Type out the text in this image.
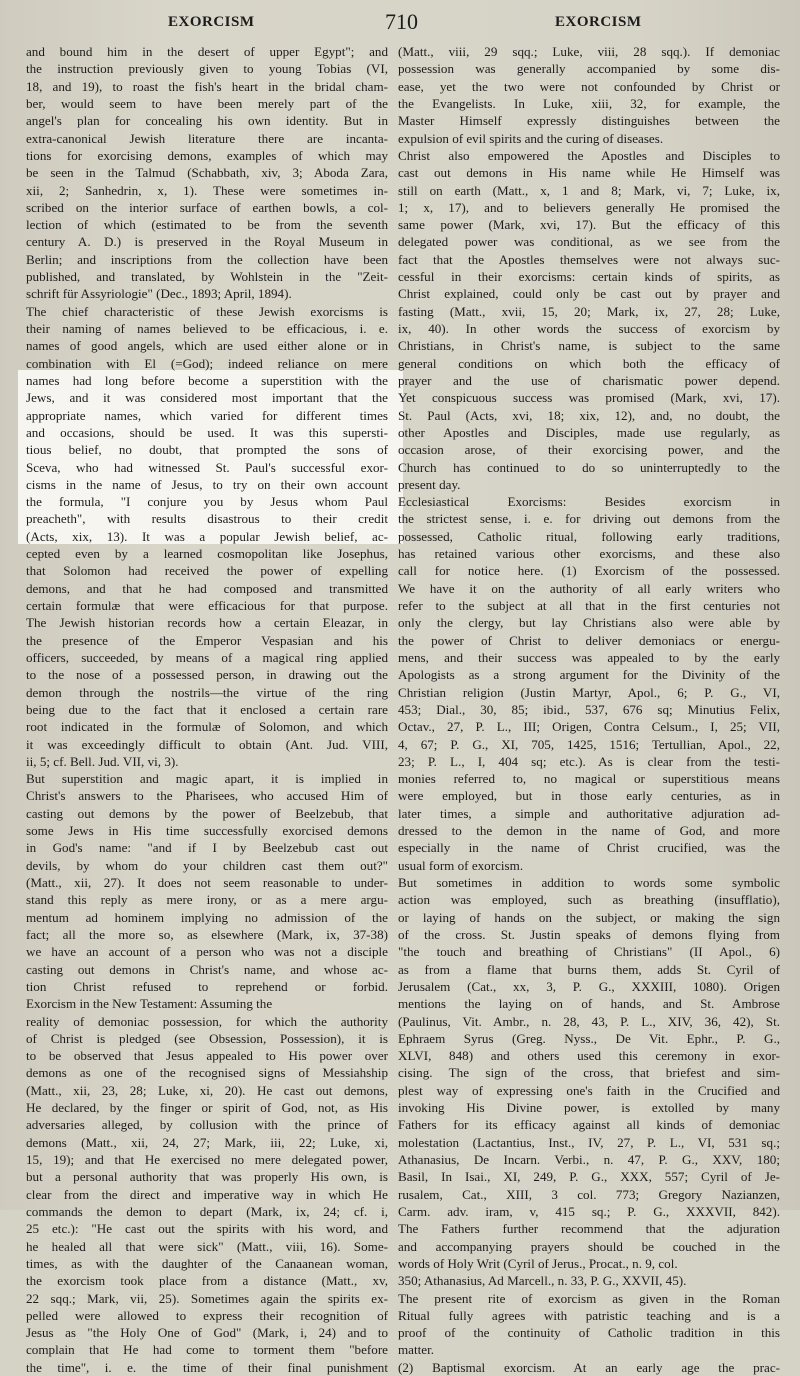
EXORCISM	710	EXORCISM
and bound him in the desert of upper Egypt"; and
the instruction previously given to young Tobias (VI,
18, and 19), to roast the fish's heart in the bridal cham-
ber, would seem to have been merely part of the
angel's plan for concealing his own identity. But in
extra-canonical Jewish literature there are incanta-
tions for exorcising demons, examples of which may
be seen in the Talmud (Schabbath, xiv, 3; Aboda Zara,
xii, 2; Sanhedrin, x, 1). These were sometimes in-
scribed on the interior surface of earthen bowls, a col-
lection of which (estimated to be from the seventh
century A. D.) is preserved in the Royal Museum in
Berlin; and inscriptions from the collection have been
published, and translated, by Wohlstein in the "Zeit-
schrift für Assyriologie" (Dec., 1893; April, 1894).
The chief characteristic of these Jewish exorcisms is
their naming of names believed to be efficacious, i. e.
names of good angels, which are used either alone or in
combination with El (=God); indeed reliance on mere
names had long before become a superstition with the
Jews, and it was considered most important that the
appropriate names, which varied for different times
and occasions, should be used. It was this supersti-
tious belief, no doubt, that prompted the sons of
Sceva, who had witnessed St. Paul's successful exor-
cisms in the name of Jesus, to try on their own account
the formula, "I conjure you by Jesus whom Paul
preacheth", with results disastrous to their credit
(Acts, xix, 13). It was a popular Jewish belief, ac-
cepted even by a learned cosmopolitan like Josephus,
that Solomon had received the power of expelling
demons, and that he had composed and transmitted
certain formulæ that were efficacious for that purpose.
The Jewish historian records how a certain Eleazar, in
the presence of the Emperor Vespasian and his
officers, succeeded, by means of a magical ring applied
to the nose of a possessed person, in drawing out the
demon through the nostrils—the virtue of the ring
being due to the fact that it enclosed a certain rare
root indicated in the formulæ of Solomon, and which
it was exceedingly difficult to obtain (Ant. Jud. VIII,
ii, 5; cf. Bell. Jud. VII, vi, 3).
But superstition and magic apart, it is implied in
Christ's answers to the Pharisees, who accused Him of
casting out demons by the power of Beelzebub, that
some Jews in His time successfully exorcised demons
in God's name: "and if I by Beelzebub cast out
devils, by whom do your children cast them out?"
(Matt., xii, 27). It does not seem reasonable to under-
stand this reply as mere irony, or as a mere argu-
mentum ad hominem implying no admission of the
fact; all the more so, as elsewhere (Mark, ix, 37-38)
we have an account of a person who was not a disciple
casting out demons in Christ's name, and whose ac-
tion Christ refused to reprehend or forbid.
Exorcism in the New Testament: Assuming the
reality of demoniac possession, for which the authority
of Christ is pledged (see Obsession, Possession), it is
to be observed that Jesus appealed to His power over
demons as one of the recognised signs of Messiahship
(Matt., xii, 23, 28; Luke, xi, 20). He cast out demons,
He declared, by the finger or spirit of God, not, as His
adversaries alleged, by collusion with the prince of
demons (Matt., xii, 24, 27; Mark, iii, 22; Luke, xi,
15, 19); and that He exercised no mere delegated power,
but a personal authority that was properly His own, is
clear from the direct and imperative way in which He
commands the demon to depart (Mark, ix, 24; cf. i,
25 etc.): "He cast out the spirits with his word, and
he healed all that were sick" (Matt., viii, 16). Some-
times, as with the daughter of the Canaanean woman,
the exorcism took place from a distance (Matt., xv,
22 sqq.; Mark, vii, 25). Sometimes again the spirits ex-
pelled were allowed to express their recognition of
Jesus as "the Holy One of God" (Mark, i, 24) and to
complain that He had come to torment them "before
the time", i. e. the time of their final punishment
(Matt., viii, 29 sqq.; Luke, viii, 28 sqq.). If demoniac
possession was generally accompanied by some dis-
ease, yet the two were not confounded by Christ or
the Evangelists. In Luke, xiii, 32, for example, the
Master Himself expressly distinguishes between the
expulsion of evil spirits and the curing of diseases.
Christ also empowered the Apostles and Disciples to
cast out demons in His name while He Himself was
still on earth (Matt., x, 1 and 8; Mark, vi, 7; Luke, ix,
1; x, 17), and to believers generally He promised the
same power (Mark, xvi, 17). But the efficacy of this
delegated power was conditional, as we see from the
fact that the Apostles themselves were not always suc-
cessful in their exorcisms: certain kinds of spirits, as
Christ explained, could only be cast out by prayer and
fasting (Matt., xvii, 15, 20; Mark, ix, 27, 28; Luke,
ix, 40). In other words the success of exorcism by
Christians, in Christ's name, is subject to the same
general conditions on which both the efficacy of
prayer and the use of charismatic power depend.
Yet conspicuous success was promised (Mark, xvi, 17).
St. Paul (Acts, xvi, 18; xix, 12), and, no doubt, the
other Apostles and Disciples, made use regularly, as
occasion arose, of their exorcising power, and the
Church has continued to do so uninterruptedly to the
present day.
Ecclesiastical Exorcisms: Besides exorcism in
the strictest sense, i. e. for driving out demons from the
possessed, Catholic ritual, following early traditions,
has retained various other exorcisms, and these also
call for notice here. (1) Exorcism of the possessed.
We have it on the authority of all early writers who
refer to the subject at all that in the first centuries not
only the clergy, but lay Christians also were able by
the power of Christ to deliver demoniacs or energu-
mens, and their success was appealed to by the early
Apologists as a strong argument for the Divinity of the
Christian religion (Justin Martyr, Apol., 6; P. G., VI,
453; Dial., 30, 85; ibid., 537, 676 sq; Minutius Felix,
Octav., 27, P. L., III; Origen, Contra Celsum., I, 25; VII,
4, 67; P. G., XI, 705, 1425, 1516; Tertullian, Apol., 22,
23; P. L., I, 404 sq; etc.). As is clear from the testi-
monies referred to, no magical or superstitious means
were employed, but in those early centuries, as in
later times, a simple and authoritative adjuration ad-
dressed to the demon in the name of God, and more
especially in the name of Christ crucified, was the
usual form of exorcism.
But sometimes in addition to words some symbolic
action was employed, such as breathing (insufflatio),
or laying of hands on the subject, or making the sign
of the cross. St. Justin speaks of demons flying from
"the touch and breathing of Christians" (II Apol., 6)
as from a flame that burns them, adds St. Cyril of
Jerusalem (Cat., xx, 3, P. G., XXXIII, 1080). Origen
mentions the laying on of hands, and St. Ambrose
(Paulinus, Vit. Ambr., n. 28, 43, P. L., XIV, 36, 42), St.
Ephraem Syrus (Greg. Nyss., De Vit. Ephr., P. G.,
XLVI, 848) and others used this ceremony in exor-
cising. The sign of the cross, that briefest and sim-
plest way of expressing one's faith in the Crucified and
invoking His Divine power, is extolled by many
Fathers for its efficacy against all kinds of demoniac
molestation (Lactantius, Inst., IV, 27, P. L., VI, 531 sq.;
Athanasius, De Incarn. Verbi., n. 47, P. G., XXV, 180;
Basil, In Isai., XI, 249, P. G., XXX, 557; Cyril of Je-
rusalem, Cat., XIII, 3 col. 773; Gregory Nazianzen,
Carm. adv. iram, v, 415 sq.; P. G., XXXVII, 842).
The Fathers further recommend that the adjuration
and accompanying prayers should be couched in the
words of Holy Writ (Cyril of Jerus., Procat., n. 9, col.
350; Athanasius, Ad Marcell., n. 33, P. G., XXVII, 45).
The present rite of exorcism as given in the Roman
Ritual fully agrees with patristic teaching and is a
proof of the continuity of Catholic tradition in this
matter.
(2) Baptismal exorcism. At an early age the prac-
